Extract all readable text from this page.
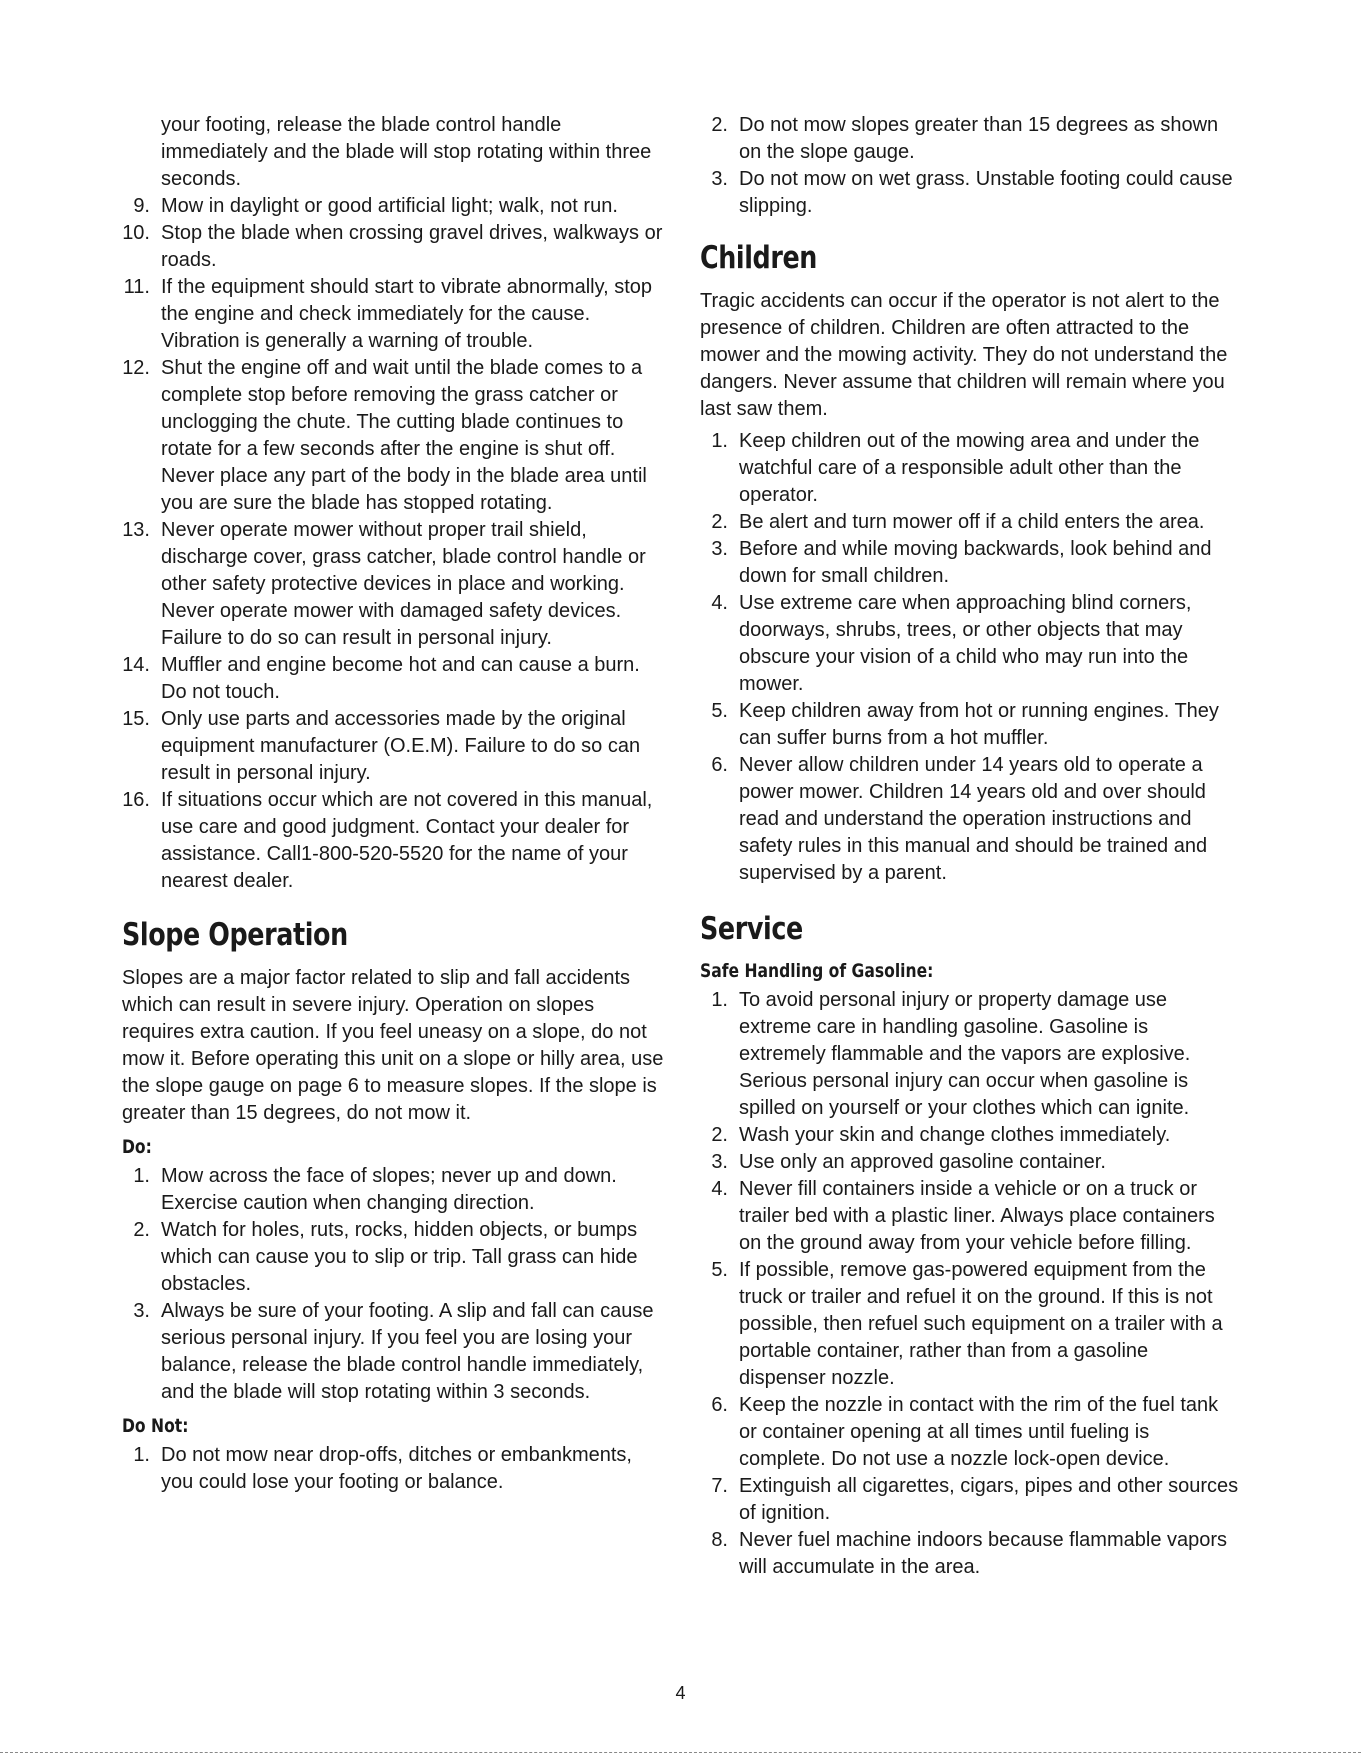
your footing, release the blade control handle immediately and the blade will stop rotating within three seconds.
9. Mow in daylight or good artificial light; walk, not run.
10. Stop the blade when crossing gravel drives, walkways or roads.
11. If the equipment should start to vibrate abnormally, stop the engine and check immediately for the cause. Vibration is generally a warning of trouble.
12. Shut the engine off and wait until the blade comes to a complete stop before removing the grass catcher or unclogging the chute. The cutting blade continues to rotate for a few seconds after the engine is shut off. Never place any part of the body in the blade area until you are sure the blade has stopped rotating.
13. Never operate mower without proper trail shield, discharge cover, grass catcher, blade control handle or other safety protective devices in place and working. Never operate mower with damaged safety devices. Failure to do so can result in personal injury.
14. Muffler and engine become hot and can cause a burn. Do not touch.
15. Only use parts and accessories made by the original equipment manufacturer (O.E.M). Failure to do so can result in personal injury.
16. If situations occur which are not covered in this manual, use care and good judgment. Contact your dealer for assistance. Call1-800-520-5520 for the name of your nearest dealer.
Slope Operation

Slopes are a major factor related to slip and fall accidents which can result in severe injury. Operation on slopes requires extra caution. If you feel uneasy on a slope, do not mow it. Before operating this unit on a slope or hilly area, use the slope gauge on page 6 to measure slopes. If the slope is greater than 15 degrees, do not mow it.

Do:
1. Mow across the face of slopes; never up and down. Exercise caution when changing direction.
2. Watch for holes, ruts, rocks, hidden objects, or bumps which can cause you to slip or trip. Tall grass can hide obstacles.
3. Always be sure of your footing. A slip and fall can cause serious personal injury. If you feel you are losing your balance, release the blade control handle immediately, and the blade will stop rotating within 3 seconds.
Do Not:
1. Do not mow near drop-offs, ditches or embankments, you could lose your footing or balance.
2. Do not mow slopes greater than 15 degrees as shown on the slope gauge.
3. Do not mow on wet grass. Unstable footing could cause slipping.
Children

Tragic accidents can occur if the operator is not alert to the presence of children. Children are often attracted to the mower and the mowing activity. They do not understand the dangers. Never assume that children will remain where you last saw them.

1. Keep children out of the mowing area and under the watchful care of a responsible adult other than the operator.
2. Be alert and turn mower off if a child enters the area.
3. Before and while moving backwards, look behind and down for small children.
4. Use extreme care when approaching blind corners, doorways, shrubs, trees, or other objects that may obscure your vision of a child who may run into the mower.
5. Keep children away from hot or running engines. They can suffer burns from a hot muffler.
6. Never allow children under 14 years old to operate a power mower. Children 14 years old and over should read and understand the operation instructions and safety rules in this manual and should be trained and supervised by a parent.
Service
Safe Handling of Gasoline:
1. To avoid personal injury or property damage use extreme care in handling gasoline. Gasoline is extremely flammable and the vapors are explosive. Serious personal injury can occur when gasoline is spilled on yourself or your clothes which can ignite.
2. Wash your skin and change clothes immediately.
3. Use only an approved gasoline container.
4. Never fill containers inside a vehicle or on a truck or trailer bed with a plastic liner. Always place containers on the ground away from your vehicle before filling.
5. If possible, remove gas-powered equipment from the truck or trailer and refuel it on the ground. If this is not possible, then refuel such equipment on a trailer with a portable container, rather than from a gasoline dispenser nozzle.
6. Keep the nozzle in contact with the rim of the fuel tank or container opening at all times until fueling is complete. Do not use a nozzle lock-open device.
7. Extinguish all cigarettes, cigars, pipes and other sources of ignition.
8. Never fuel machine indoors because flammable vapors will accumulate in the area.
4
